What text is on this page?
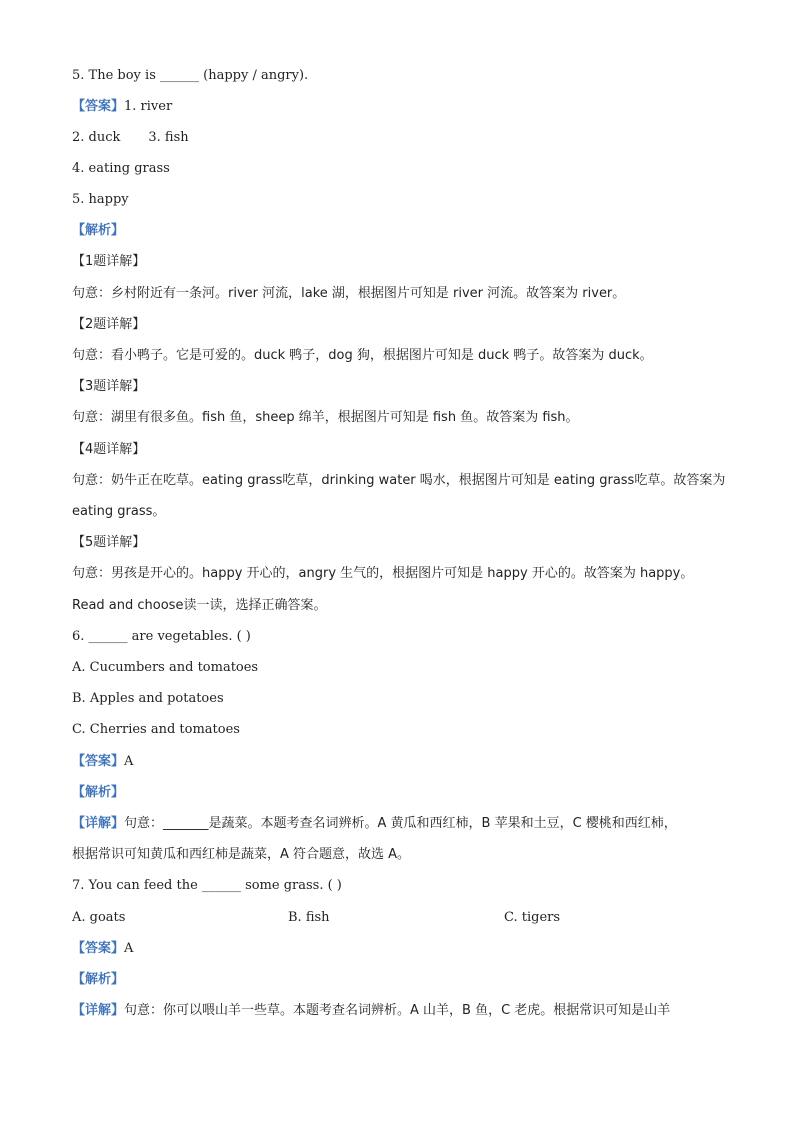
5. The boy is ______ (happy / angry).
【答案】1. river
2. duck 3. fish
4. eating grass
5. happy
【解析】
【1题详解】
句意：乡村附近有一条河。river 河流，lake 湖，根据图片可知是 river 河流。故答案为 river。
【2题详解】
句意：看小鸭子。它是可爱的。duck 鸭子，dog 狗，根据图片可知是 duck 鸭子。故答案为 duck。
【3题详解】
句意：湖里有很多鱼。fish 鱼，sheep 绵羊，根据图片可知是 fish 鱼。故答案为 fish。
【4题详解】
句意：奶牛正在吃草。eating grass吃草，drinking water 喝水，根据图片可知是 eating grass吃草。故答案为
eating grass。
【5题详解】
句意：男孩是开心的。happy 开心的，angry 生气的，根据图片可知是 happy 开心的。故答案为 happy。
Read and choose读一读，选择正确答案。
6. ______ are vegetables. ( )
A. Cucumbers and tomatoes
B. Apples and potatoes
C. Cherries and tomatoes
【答案】A
【解析】
【详解】句意：_______是蔬菜。本题考查名词辨析。A 黄瓜和西红柿，B 苹果和土豆，C 樱桃和西红柿，
根据常识可知黄瓜和西红柿是蔬菜，A 符合题意，故选 A。
7. You can feed the ______ some grass. ( )
A. goats	B. fish	C. tigers
【答案】A
【解析】
【详解】句意：你可以喂山羊一些草。本题考查名词辨析。A 山羊，B 鱼，C 老虎。根据常识可知是山羊
